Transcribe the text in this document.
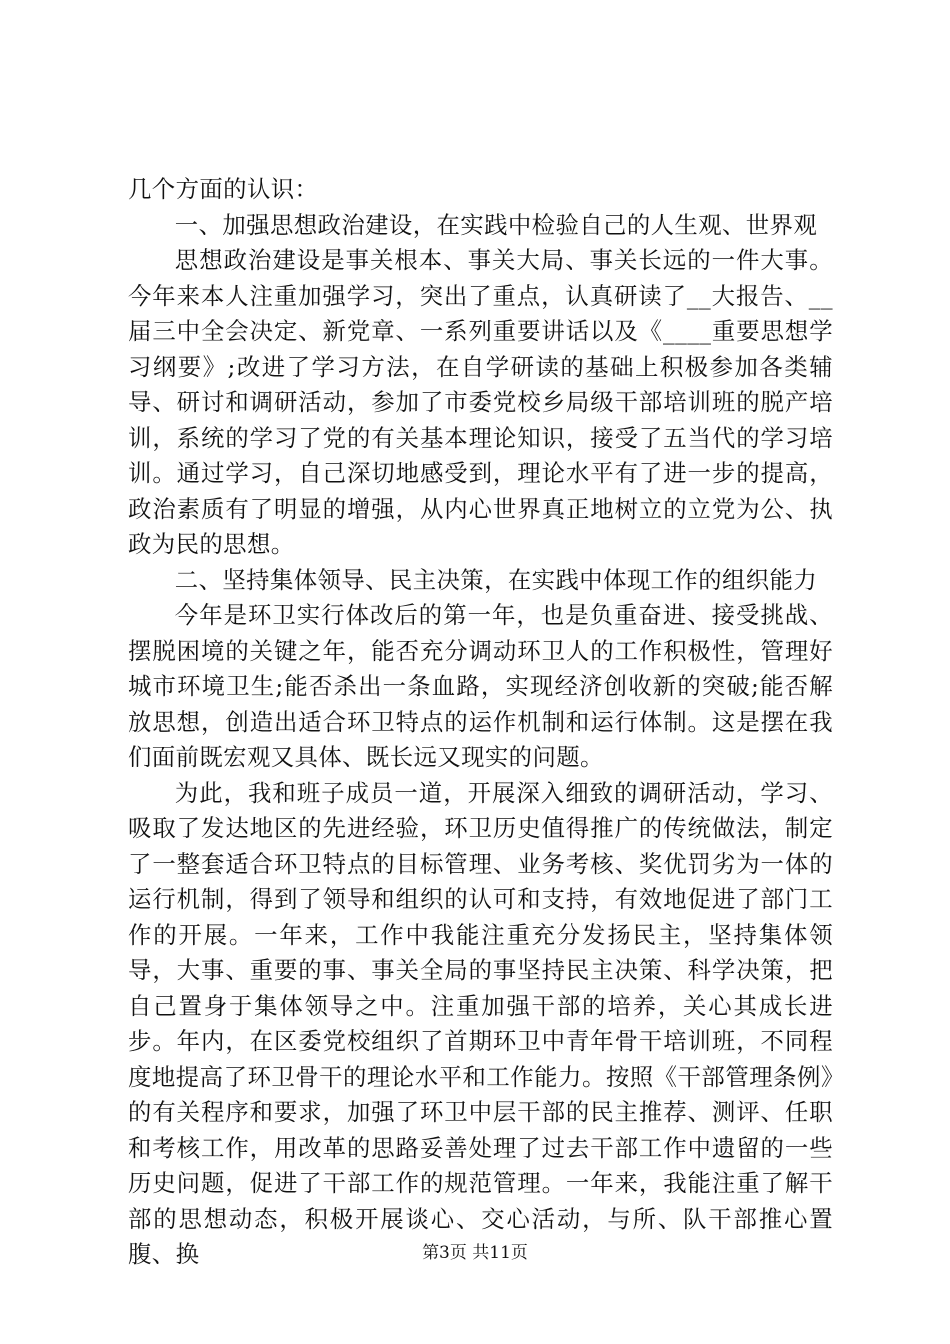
几个方面的认识：

一、加强思想政治建设，在实践中检验自己的人生观、世界观

思想政治建设是事关根本、事关大局、事关长远的一件大事。今年来本人注重加强学习，突出了重点，认真研读了__大报告、__届三中全会决定、新党章、一系列重要讲话以及《____重要思想学习纲要》;改进了学习方法，在自学研读的基础上积极参加各类辅导、研讨和调研活动，参加了市委党校乡局级干部培训班的脱产培训，系统的学习了党的有关基本理论知识，接受了五当代的学习培训。通过学习，自己深切地感受到，理论水平有了进一步的提高，政治素质有了明显的增强，从内心世界真正地树立的立党为公、执政为民的思想。

二、坚持集体领导、民主决策，在实践中体现工作的组织能力

今年是环卫实行体改后的第一年，也是负重奋进、接受挑战、摆脱困境的关键之年，能否充分调动环卫人的工作积极性，管理好城市环境卫生;能否杀出一条血路，实现经济创收新的突破;能否解放思想，创造出适合环卫特点的运作机制和运行体制。这是摆在我们面前既宏观又具体、既长远又现实的问题。

为此，我和班子成员一道，开展深入细致的调研活动，学习、吸取了发达地区的先进经验，环卫历史值得推广的传统做法，制定了一整套适合环卫特点的目标管理、业务考核、奖优罚劣为一体的运行机制，得到了领导和组织的认可和支持，有效地促进了部门工作的开展。一年来，工作中我能注重充分发扬民主，坚持集体领导，大事、重要的事、事关全局的事坚持民主决策、科学决策，把自己置身于集体领导之中。注重加强干部的培养，关心其成长进步。年内，在区委党校组织了首期环卫中青年骨干培训班，不同程度地提高了环卫骨干的理论水平和工作能力。按照《干部管理条例》的有关程序和要求，加强了环卫中层干部的民主推荐、测评、任职和考核工作，用改革的思路妥善处理了过去干部工作中遗留的一些历史问题，促进了干部工作的规范管理。一年来，我能注重了解干部的思想动态，积极开展谈心、交心活动，与所、队干部推心置腹、换	第3页 共11页
